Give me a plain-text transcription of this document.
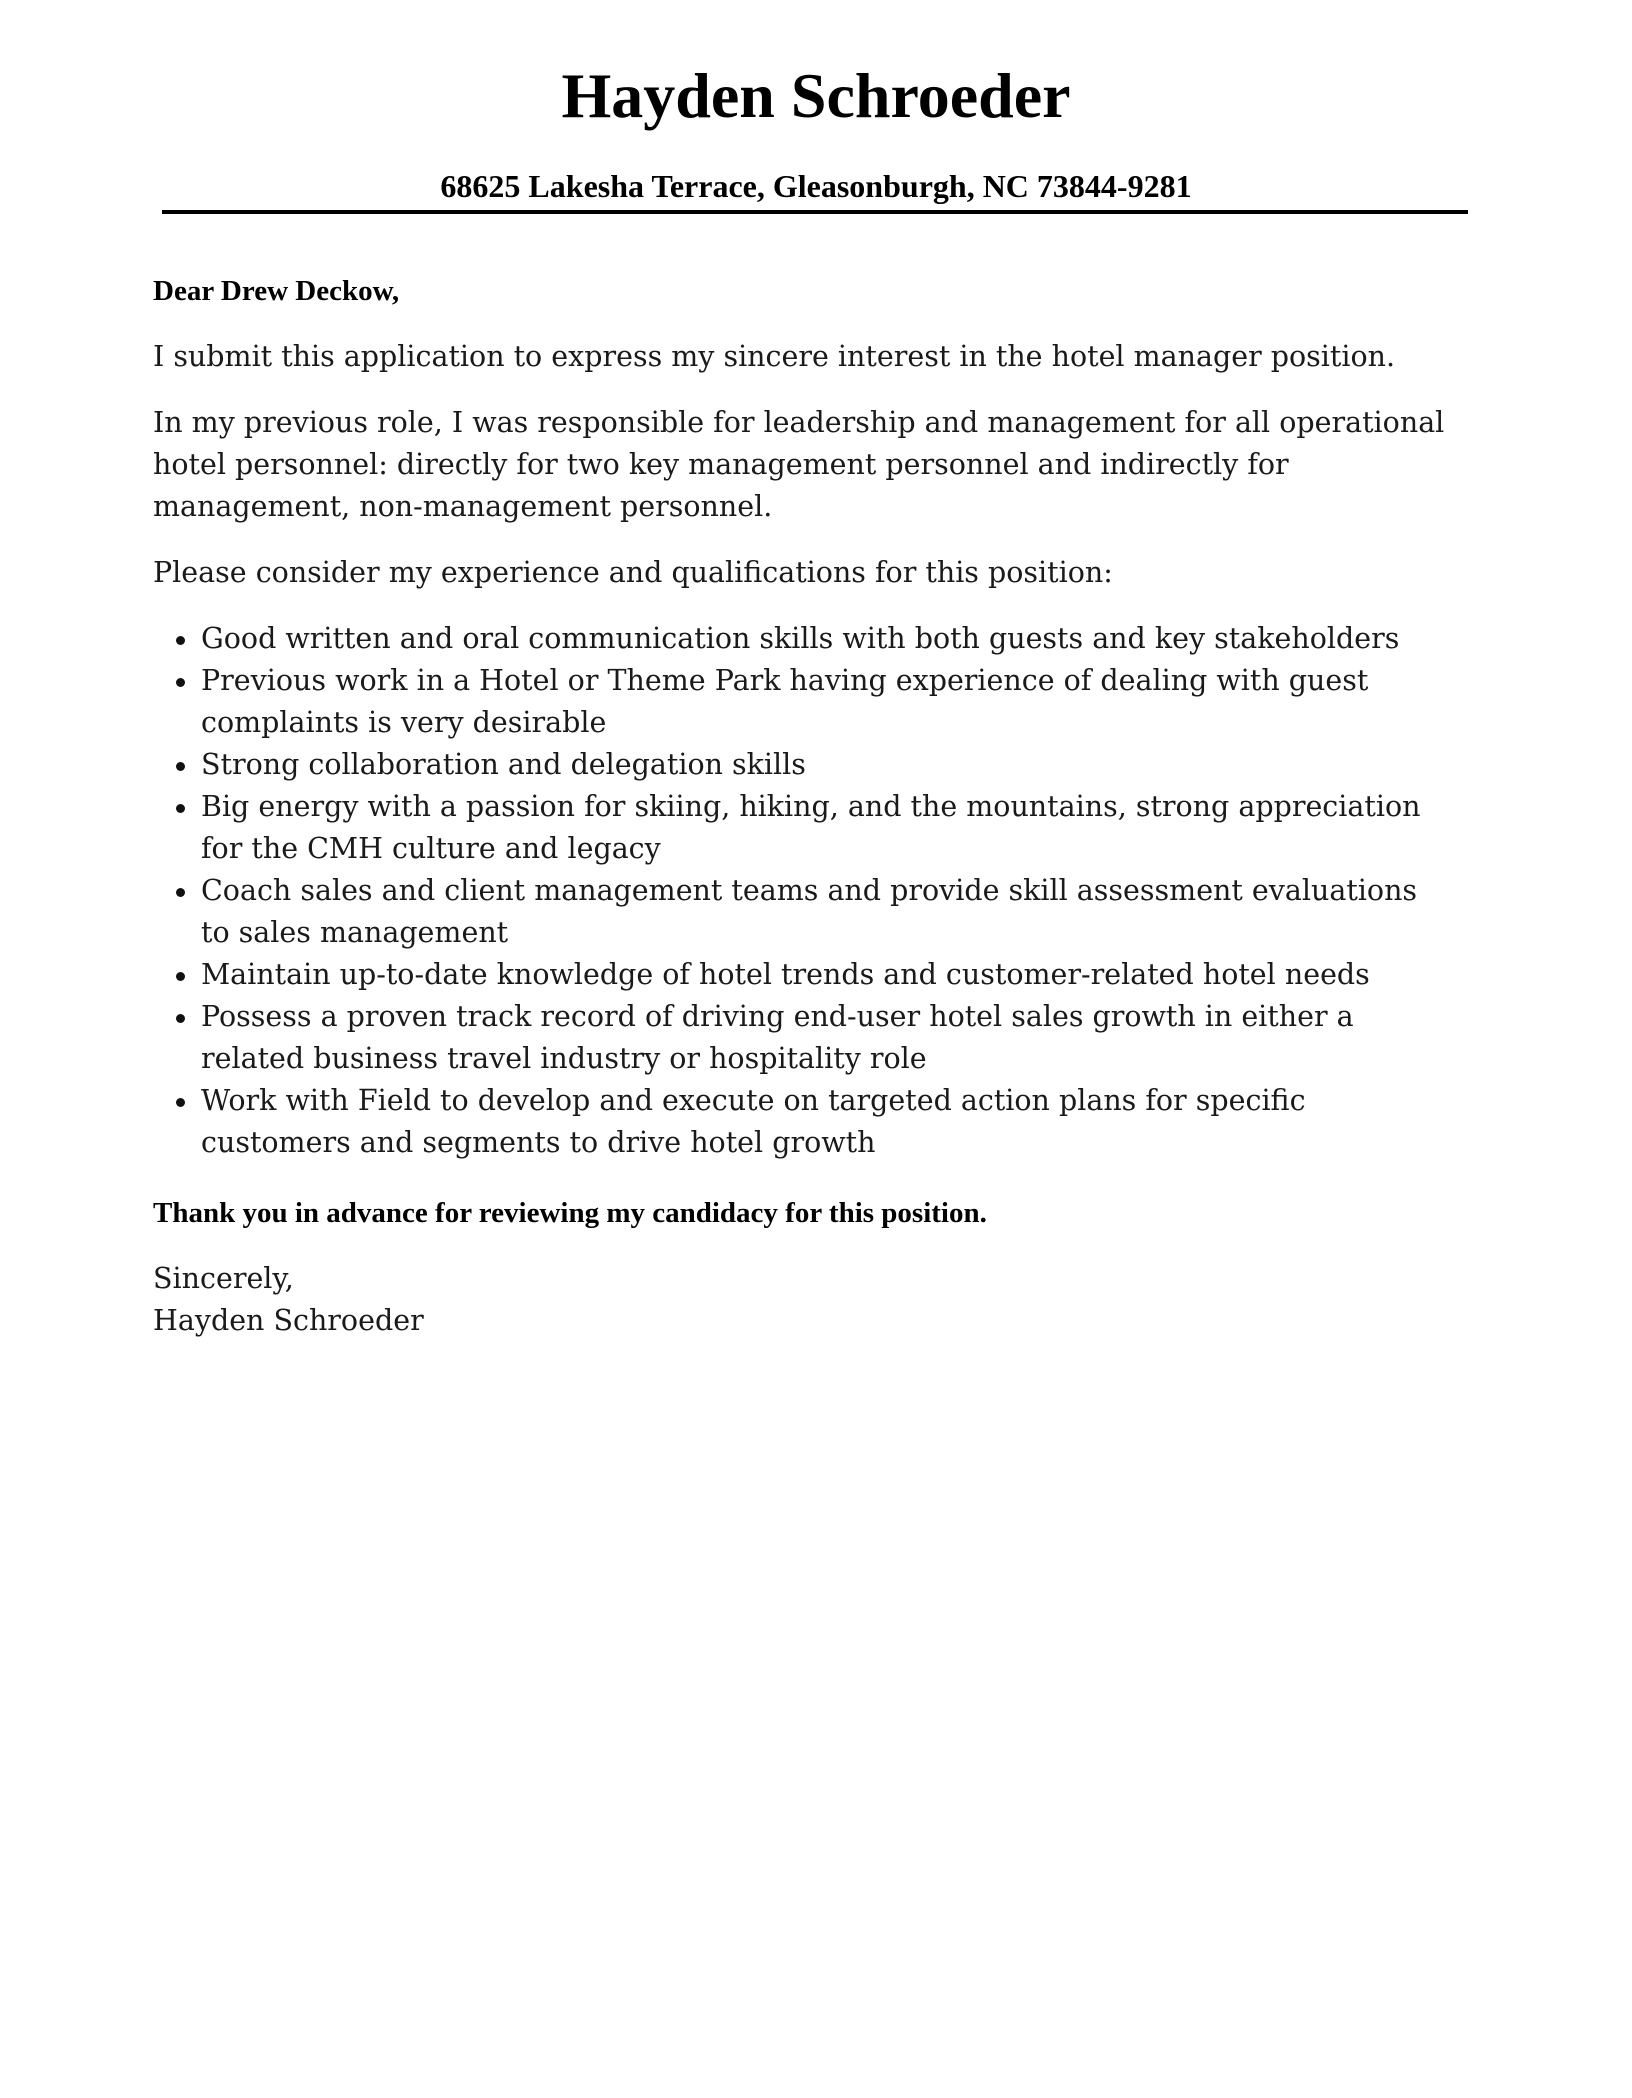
Hayden Schroeder
68625 Lakesha Terrace, Gleasonburgh, NC 73844-9281
Dear Drew Deckow,

I submit this application to express my sincere interest in the hotel manager position.

In my previous role, I was responsible for leadership and management for all operational hotel personnel: directly for two key management personnel and indirectly for management, non-management personnel.

Please consider my experience and qualifications for this position:

Good written and oral communication skills with both guests and key stakeholders
Previous work in a Hotel or Theme Park having experience of dealing with guest complaints is very desirable
Strong collaboration and delegation skills
Big energy with a passion for skiing, hiking, and the mountains, strong appreciation for the CMH culture and legacy
Coach sales and client management teams and provide skill assessment evaluations to sales management
Maintain up-to-date knowledge of hotel trends and customer-related hotel needs
Possess a proven track record of driving end-user hotel sales growth in either a related business travel industry or hospitality role
Work with Field to develop and execute on targeted action plans for specific customers and segments to drive hotel growth
Thank you in advance for reviewing my candidacy for this position.
Sincerely,
Hayden Schroeder
